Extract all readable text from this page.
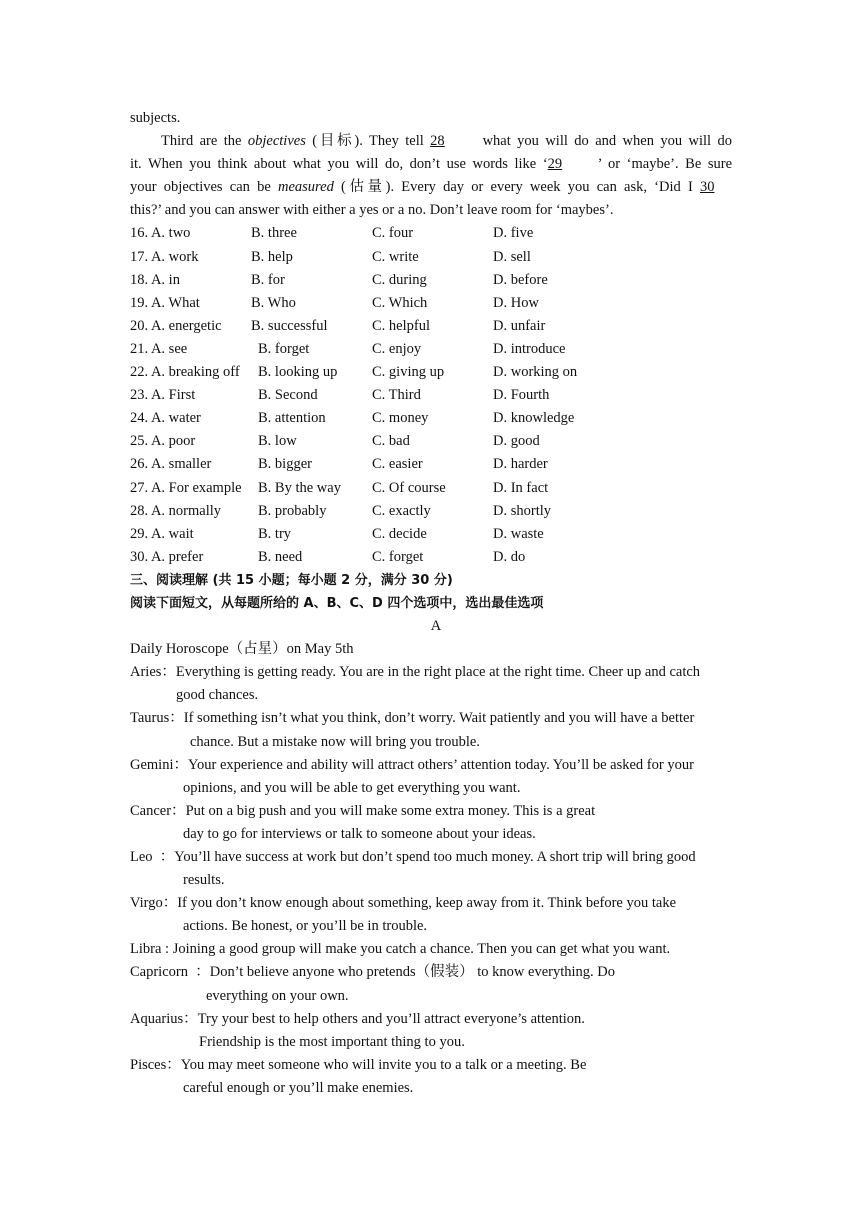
subjects.
Third are the objectives (目标). They tell 28 what you will do and when you will do
it. When you think about what you will do, don’t use words like ‘29 ’ or ‘maybe’. Be sure
your objectives can be measured (估量). Every day or every week you can ask, ‘Did I 30
this?’ and you can answer with either a yes or a no. Don’t leave room for ‘maybes’.
16. A. two	B. three	C. four	D. five
17. A. work	B. help	C. write	D. sell
18. A. in	B. for	C. during	D. before
19. A. What	B. Who	C. Which	D. How
20. A. energetic	B. successful	C. helpful	D. unfair
21. A. see	B. forget	C. enjoy	D. introduce
22. A. breaking off	B. looking up	C. giving up	D. working on
23. A. First	B. Second	C. Third	D. Fourth
24. A. water	B. attention	C. money	D. knowledge
25. A. poor	B. low	C. bad	D. good
26. A. smaller	B. bigger	C. easier	D. harder
27. A. For example	B. By the way	C. Of course	D. In fact
28. A. normally	B. probably	C. exactly	D. shortly
29. A. wait	B. try	C. decide	D. waste
30. A. prefer	B. need	C. forget	D. do
三、阅读理解 (共 15 小题；每小题 2 分，满分 30 分)
阅读下面短文，从每题所给的 A、B、C、D 四个选项中，选出最佳选项
A
Daily Horoscope（占星）on May 5th
Aries：Everything is getting ready. You are in the right place at the right time. Cheer up and catch
good chances.
Taurus：If something isn’t what you think, don’t worry. Wait patiently and you will have a better
chance. But a mistake now will bring you trouble.
Gemini：Your experience and ability will attract others’ attention today. You’ll be asked for your
opinions, and you will be able to get everything you want.
Cancer：Put on a big push and you will make some extra money. This is a great
day to go for interviews or talk to someone about your ideas.
Leo  ：You’ll have success at work but don’t spend too much money. A short trip will bring good
results.
Virgo：If you don’t know enough about something, keep away from it. Think before you take
actions. Be honest, or you’ll be in trouble.
Libra : Joining a good group will make you catch a chance. Then you can get what you want.
Capricorn  ：Don’t believe anyone who pretends（假装） to know everything. Do
everything on your own.
Aquarius：Try your best to help others and you’ll attract everyone’s attention.
Friendship is the most important thing to you.
Pisces：You may meet someone who will invite you to a talk or a meeting. Be
careful enough or you’ll make enemies.
